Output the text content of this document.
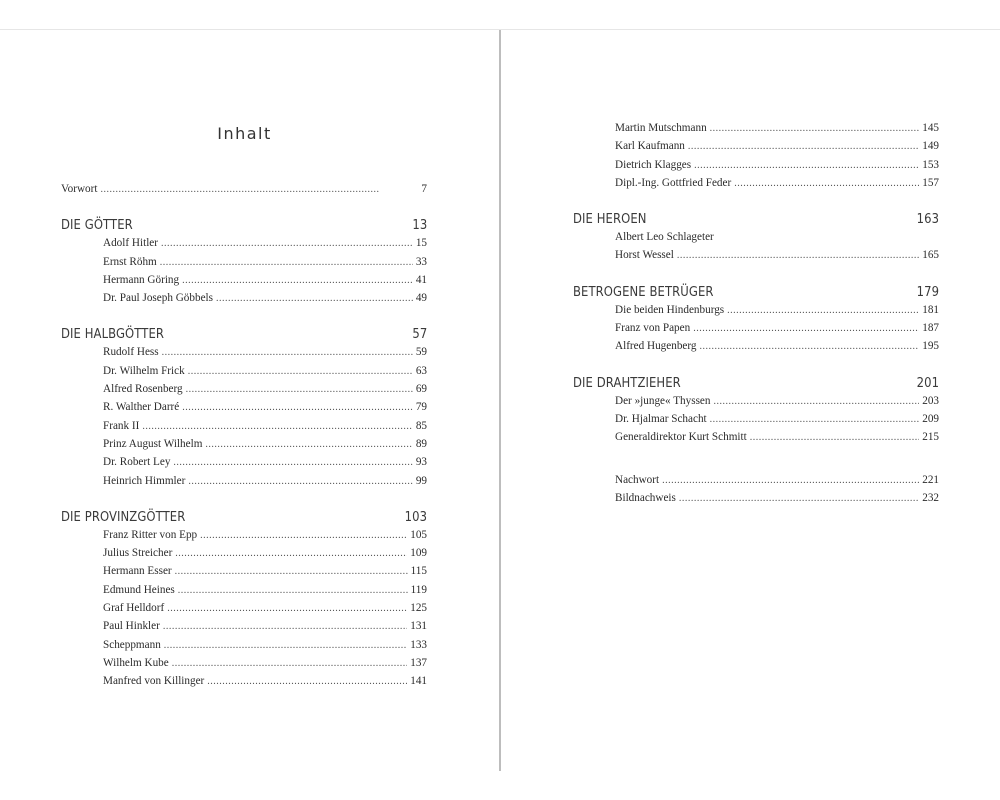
Inhalt
Vorwort . . .	7
DIE GÖTTER	13
Adolf Hitler . . .	15
Ernst Röhm . . .	33
Hermann Göring . . .	41
Dr. Paul Joseph Göbbels . . .	49
DIE HALBGÖTTER	57
Rudolf Hess . . .	59
Dr. Wilhelm Frick . . .	63
Alfred Rosenberg . . .	69
R. Walther Darré . . .	79
Frank II . . .	85
Prinz August Wilhelm . . .	89
Dr. Robert Ley . . .	93
Heinrich Himmler . . .	99
DIE PROVINZGÖTTER	103
Franz Ritter von Epp . . .	105
Julius Streicher . . .	109
Hermann Esser . . .	115
Edmund Heines . . .	119
Graf Helldorf . . .	125
Paul Hinkler . . .	131
Scheppmann . . .	133
Wilhelm Kube . . .	137
Manfred von Killinger . . .	141
Martin Mutschmann . . .	145
Karl Kaufmann . . .	149
Dietrich Klagges . . .	153
Dipl.-Ing. Gottfried Feder . . .	157
DIE HEROEN	163
Albert Leo Schlageter
Horst Wessel . . .	165
BETROGENE BETRÜGER	179
Die beiden Hindenburgs . . .	181
Franz von Papen . . .	187
Alfred Hugenberg . . .	195
DIE DRAHTZIEHER	201
Der »junge« Thyssen . . .	203
Dr. Hjalmar Schacht . . .	209
Generaldirektor Kurt Schmitt . . .	215
Nachwort . . .	221
Bildnachweis . . .	232
